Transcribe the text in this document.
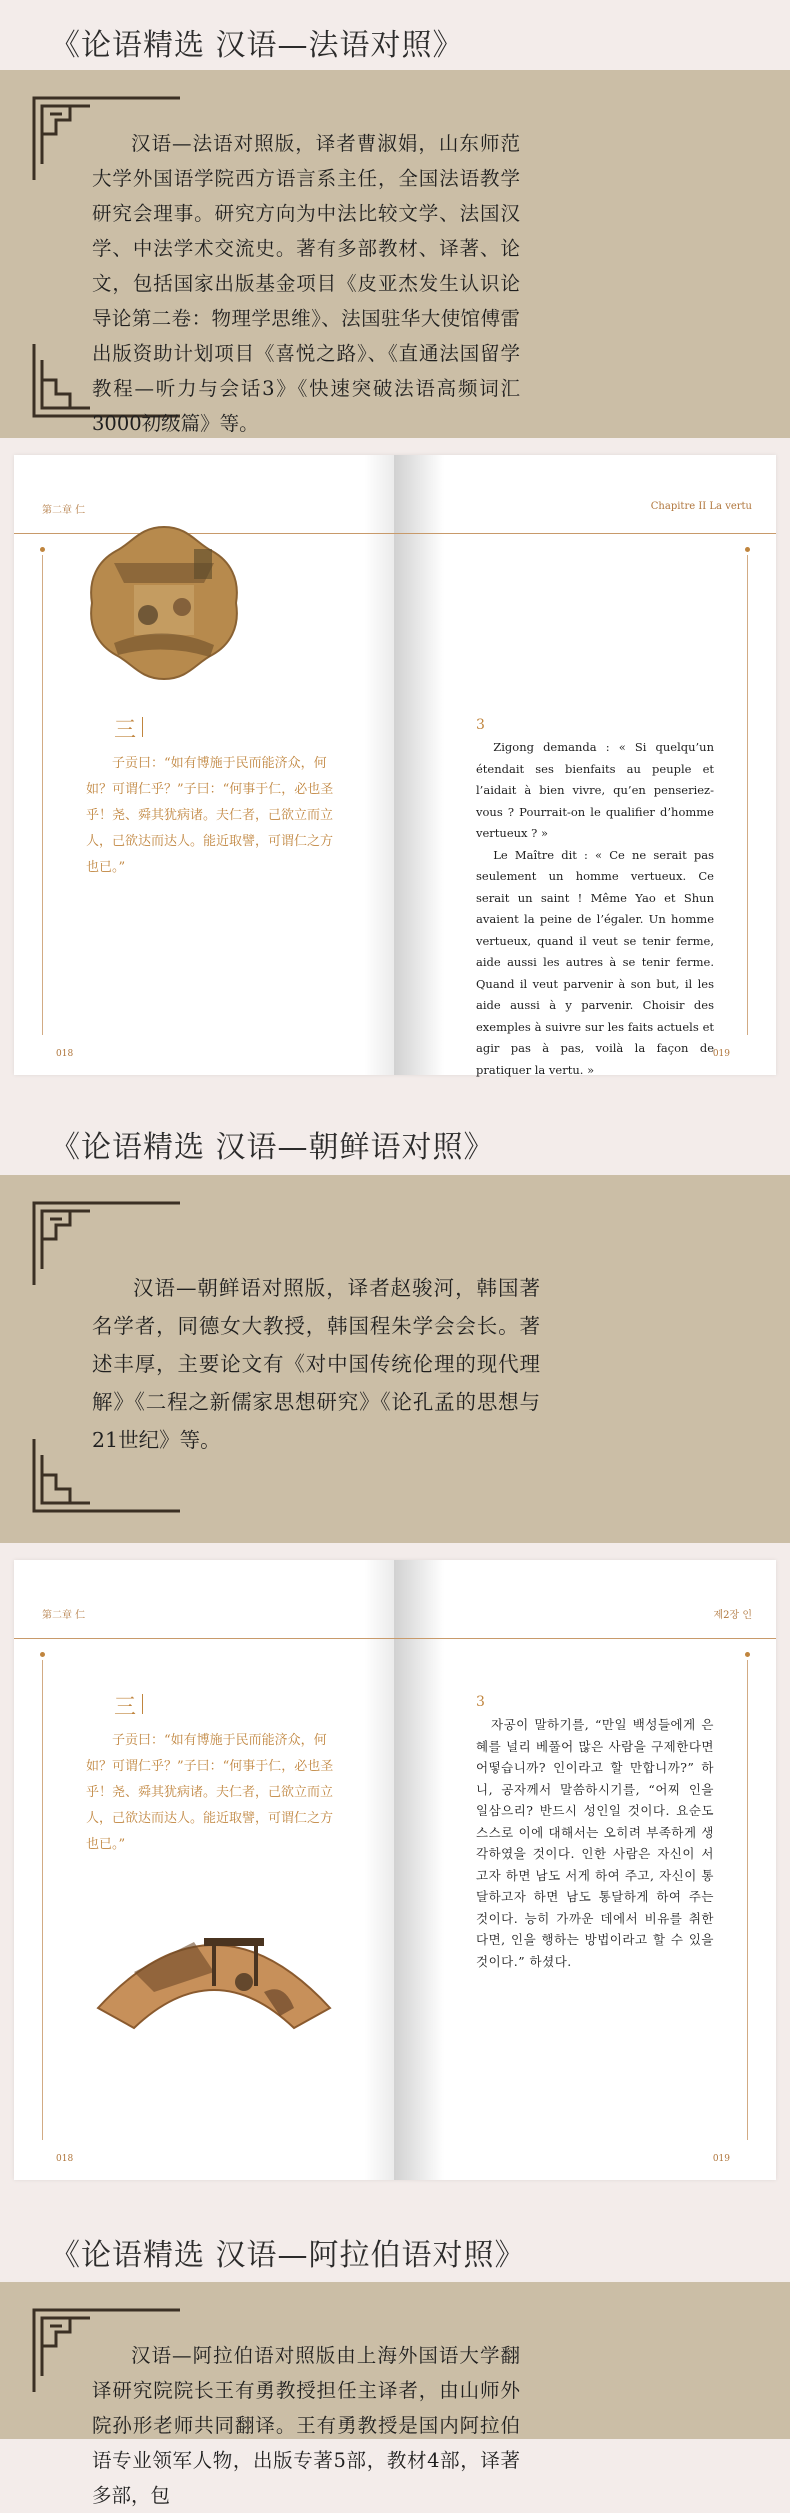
《论语精选 汉语—法语对照》

汉语—法语对照版，译者曹淑娟，山东师范大学外国语学院西方语言系主任，全国法语教学研究会理事。研究方向为中法比较文学、法国汉学、中法学术交流史。著有多部教材、译著、论文，包括国家出版基金项目《皮亚杰发生认识论导论第二卷：物理学思维》、法国驻华大使馆傅雷出版资助计划项目《喜悦之路》、《直通法国留学教程—听力与会话3》《快速突破法语高频词汇3000初级篇》等。

第二章 仁
三

子贡曰：“如有博施于民而能济众，何如？可谓仁乎？”子曰：“何事于仁，必也圣乎！尧、舜其犹病诸。夫仁者，己欲立而立人，己欲达而达人。能近取譬，可谓仁之方也已。”

018
Chapitre II La vertu
3

Zigong demanda : « Si quelqu’un étendait ses bienfaits au peuple et l’aidait à bien vivre, qu’en penseriez-vous ? Pourrait-on le qualifier d’homme vertueux ? »

Le Maître dit : « Ce ne serait pas seulement un homme vertueux. Ce serait un saint ! Même Yao et Shun avaient la peine de l’égaler. Un homme vertueux, quand il veut se tenir ferme, aide aussi les autres à se tenir ferme. Quand il veut parvenir à son but, il les aide aussi à y parvenir. Choisir des exemples à suivre sur les faits actuels et agir pas à pas, voilà la façon de pratiquer la vertu. »

019
《论语精选 汉语—朝鲜语对照》

汉语—朝鲜语对照版，译者赵骏河，韩国著名学者，同德女大教授，韩国程朱学会会长。著述丰厚，主要论文有《对中国传统伦理的现代理解》《二程之新儒家思想研究》《论孔孟的思想与21世纪》等。

第二章 仁
三

子贡曰：“如有博施于民而能济众，何如？可谓仁乎？”子曰：“何事于仁，必也圣乎！尧、舜其犹病诸。夫仁者，己欲立而立人，己欲达而达人。能近取譬，可谓仁之方也已。”

018
제2장 인
3

자공이 말하기를, “만일 백성들에게 은혜를 널리 베풀어 많은 사람을 구제한다면 어떻습니까? 인이라고 할 만합니까?” 하니, 공자께서 말씀하시기를, “어찌 인을 일삼으리? 반드시 성인일 것이다. 요순도 스스로 이에 대해서는 오히려 부족하게 생각하였을 것이다. 인한 사람은 자신이 서고자 하면 남도 서게 하여 주고, 자신이 통달하고자 하면 남도 통달하게 하여 주는 것이다. 능히 가까운 데에서 비유를 취한다면, 인을 행하는 방법이라고 할 수 있을 것이다.” 하셨다.

019
《论语精选 汉语—阿拉伯语对照》

汉语—阿拉伯语对照版由上海外国语大学翻译研究院院长王有勇教授担任主译者，由山师外院孙形老师共同翻译。王有勇教授是国内阿拉伯语专业领军人物，出版专著5部，教材4部，译著多部，包
